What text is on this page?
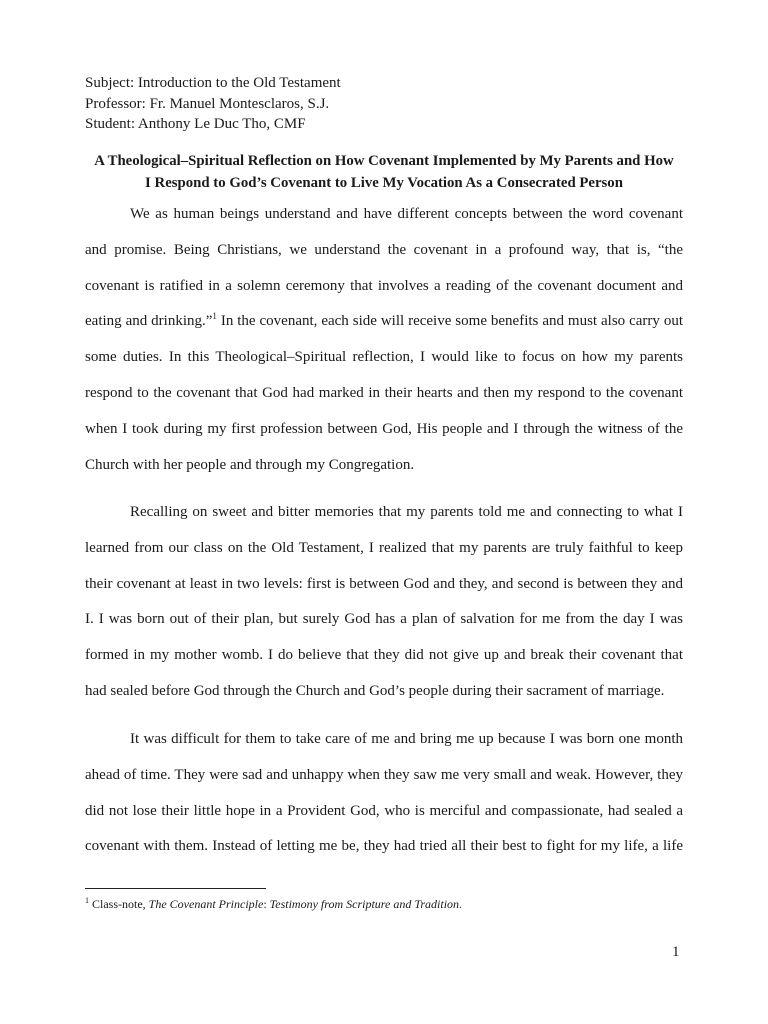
Subject: Introduction to the Old Testament
Professor: Fr. Manuel Montesclaros, S.J.
Student: Anthony Le Duc Tho, CMF
A Theological–Spiritual Reflection on How Covenant Implemented by My Parents and How
I Respond to God’s Covenant to Live My Vocation As a Consecrated Person
We as human beings understand and have different concepts between the word covenant
and promise. Being Christians, we understand the covenant in a profound way, that is, “the
covenant is ratified in a solemn ceremony that involves a reading of the covenant document and
eating and drinking.”$^1$ In the covenant, each side will receive some benefits and must also carry out
some duties. In this Theological–Spiritual reflection, I would like to focus on how my parents
respond to the covenant that God had marked in their hearts and then my respond to the covenant
when I took during my first profession between God, His people and I through the witness of the
Church with her people and through my Congregation.
Recalling on sweet and bitter memories that my parents told me and connecting to what I
learned from our class on the Old Testament, I realized that my parents are truly faithful to keep
their covenant at least in two levels: first is between God and they, and second is between they and
I. I was born out of their plan, but surely God has a plan of salvation for me from the day I was
formed in my mother womb. I do believe that they did not give up and break their covenant that
had sealed before God through the Church and God’s people during their sacrament of marriage.
It was difficult for them to take care of me and bring me up because I was born one month
ahead of time. They were sad and unhappy when they saw me very small and weak. However, they
did not lose their little hope in a Provident God, who is merciful and compassionate, had sealed a
covenant with them. Instead of letting me be, they had tried all their best to fight for my life, a life
$^1$ Class-note, The Covenant Principle: Testimony from Scripture and Tradition.
1
